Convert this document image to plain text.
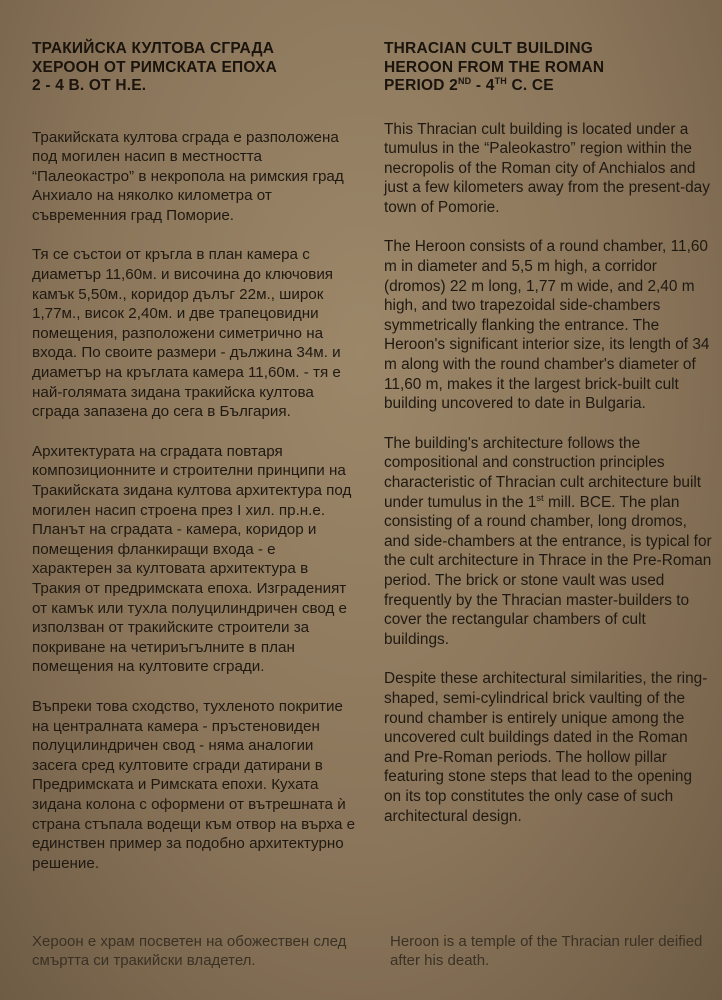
ТРАКИЙСКА КУЛТОВА СГРАДА
ХЕРООН ОТ РИМСКАТА ЕПОХА
2 - 4 В. ОТ Н.Е.

Тракийската култова сграда е разположена под могилен насип в местността “Палеокастро” в некропола на римския град Анхиало на няколко километра от съвременния град Поморие.

Тя се състои от кръгла в план камера с диаметър 11,60м. и височина до ключовия камък 5,50м., коридор дълъг 22м., широк 1,77м., висок 2,40м. и две трапецовидни помещения, разположени симетрично на входа. По своите размери - дължина 34м. и диаметър на кръглата камера 11,60м. - тя е най-голямата зидана тракийска култова сграда запазена до сега в България.

Архитектурата на сградата повтаря композиционните и строителни принципи на Тракийската зидана култова архитектура под могилен насип строена през I хил. пр.н.е. Планът на сградата - камера, коридор и помещения фланкиращи входа - е характерен за култовата архитектура в Тракия от предримската епоха. Изградeният от камък или тухла полуцилиндричен свод е използван от тракийските строители за покриване на четириъгълните в план помещения на култовите сгради.

Въпреки това сходство, тухленото покритие на централната камера - пръстеновиден полуцилиндричен свод - няма аналогии засега сред култовите сгради датирани в Предримската и Римската епохи. Кухата зидана колона с оформени от вътрешната ѝ страна стъпала водещи към отвор на върха е единствен пример за подобно архитектурно решение.

THRACIAN CULT BUILDING
HEROON FROM THE ROMAN
PERIOD 2ND - 4TH C. CE

This Thracian cult building is located under a tumulus in the “Paleokastro” region within the necropolis of the Roman city of Anchialos and just a few kilometers away from the present-day town of Pomorie.

The Heroon consists of a round chamber, 11,60 m in diameter and 5,5 m high, a corridor (dromos) 22 m long, 1,77 m wide, and 2,40 m high, and two trapezoidal side-chambers symmetrically flanking the entrance. The Heroon's significant interior size, its length of 34 m along with the round chamber's diameter of 11,60 m, makes it the largest brick-built cult building uncovered to date in Bulgaria.

The building's architecture follows the compositional and construction principles characteristic of Thracian cult architecture built under tumulus in the 1st mill. BCE. The plan consisting of a round chamber, long dromos, and side-chambers at the entrance, is typical for the cult architecture in Thrace in the Pre-Roman period. The brick or stone vault was used frequently by the Thracian master-builders to cover the rectangular chambers of cult buildings.

Despite these architectural similarities, the ring-shaped, semi-cylindrical brick vaulting of the round chamber is entirely unique among the uncovered cult buildings dated in the Roman and Pre-Roman periods. The hollow pillar featuring stone steps that lead to the opening on its top constitutes the only case of such architectural design.

Хероон е храм посветен на обожествен след смъртта си тракийски владетел.

Heroon is a temple of the Thracian ruler deified after his death.
